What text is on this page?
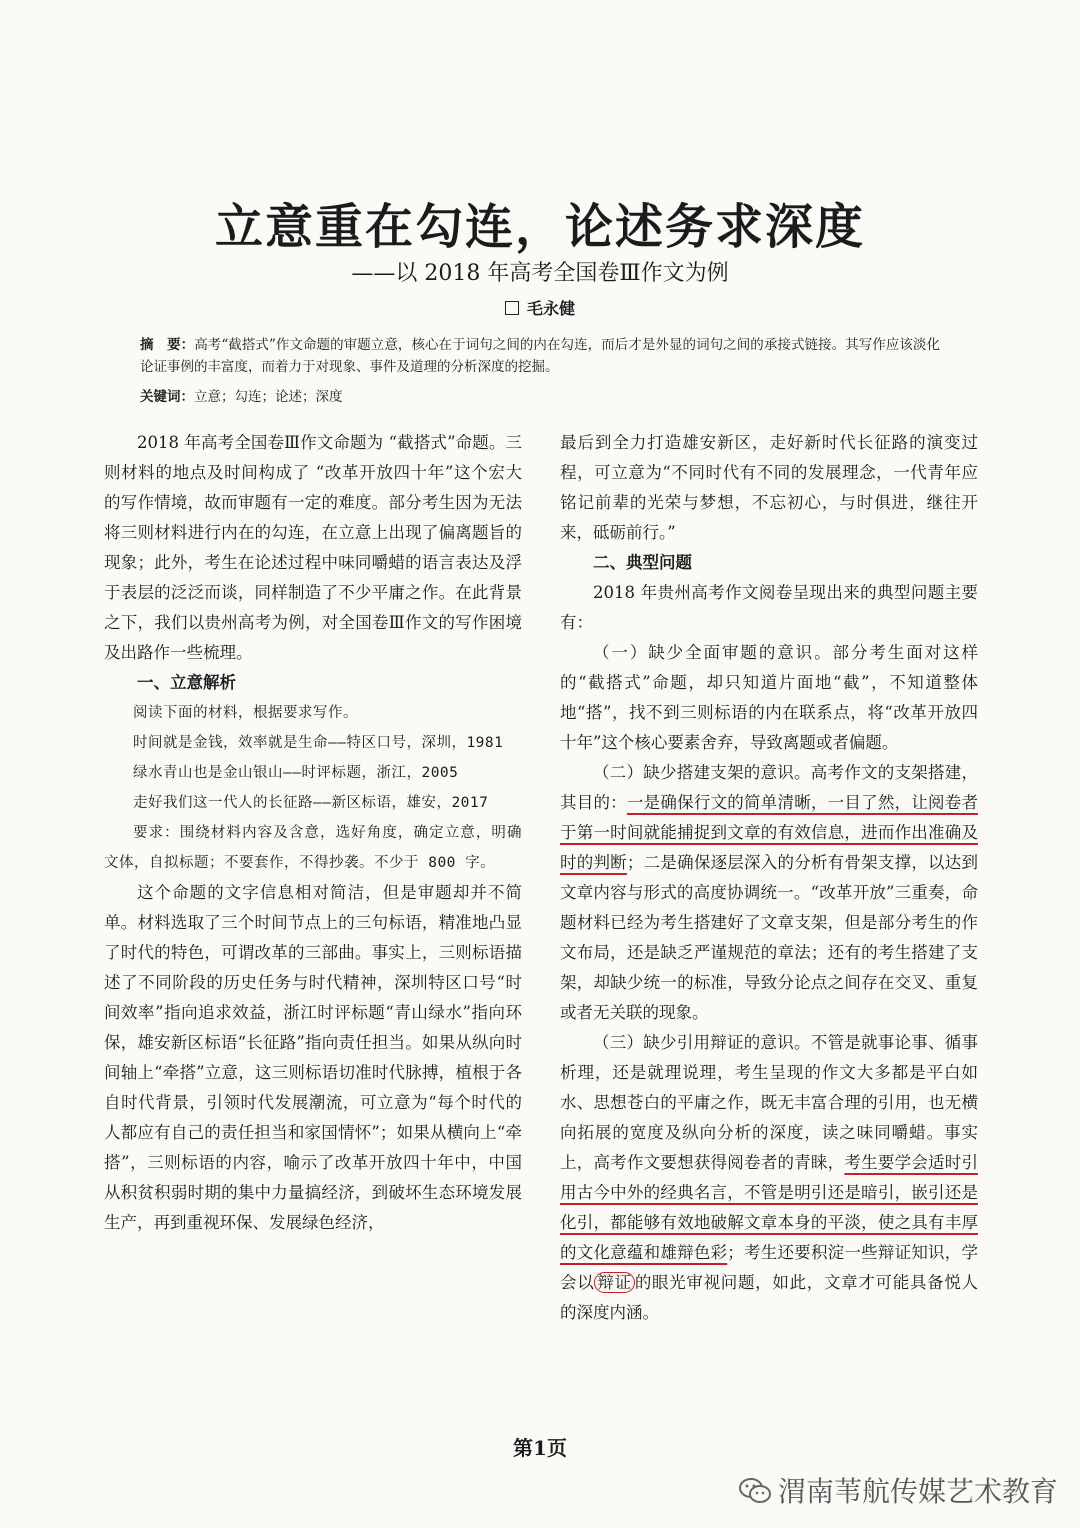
立意重在勾连，论述务求深度
——以 2018 年高考全国卷Ⅲ作文为例
毛永健
摘　要：高考“截搭式”作文命题的审题立意，核心在于词句之间的内在勾连，而后才是外显的词句之间的承接式链接。其写作应该淡化论证事例的丰富度，而着力于对现象、事件及道理的分析深度的挖掘。
关键词：立意；勾连；论述；深度

2018 年高考全国卷Ⅲ作文命题为 “截搭式”命题。三则材料的地点及时间构成了 “改革开放四十年”这个宏大的写作情境，故而审题有一定的难度。部分考生因为无法将三则材料进行内在的勾连，在立意上出现了偏离题旨的现象；此外，考生在论述过程中味同嚼蜡的语言表达及浮于表层的泛泛而谈，同样制造了不少平庸之作。在此背景之下，我们以贵州高考为例，对全国卷Ⅲ作文的写作困境及出路作一些梳理。

一、立意解析

阅读下面的材料，根据要求写作。

时间就是金钱，效率就是生命——特区口号，深圳，1981

绿水青山也是金山银山——时评标题，浙江，2005

走好我们这一代人的长征路——新区标语，雄安，2017

要求：围绕材料内容及含意，选好角度，确定立意，明确文体，自拟标题；不要套作，不得抄袭。不少于 800 字。

这个命题的文字信息相对简洁，但是审题却并不简单。材料选取了三个时间节点上的三句标语，精准地凸显了时代的特色，可谓改革的三部曲。事实上，三则标语描述了不同阶段的历史任务与时代精神，深圳特区口号“时间效率”指向追求效益，浙江时评标题“青山绿水”指向环保，雄安新区标语“长征路”指向责任担当。如果从纵向时间轴上“牵搭”立意，这三则标语切准时代脉搏，植根于各自时代背景，引领时代发展潮流，可立意为“每个时代的人都应有自己的责任担当和家国情怀”；如果从横向上“牵搭”，三则标语的内容，喻示了改革开放四十年中，中国从积贫积弱时期的集中力量搞经济，到破坏生态环境发展生产，再到重视环保、发展绿色经济，

最后到全力打造雄安新区，走好新时代长征路的演变过程，可立意为“不同时代有不同的发展理念，一代青年应铭记前辈的光荣与梦想，不忘初心，与时俱进，继往开来，砥砺前行。”

二、典型问题

2018 年贵州高考作文阅卷呈现出来的典型问题主要有：

（一）缺少全面审题的意识。部分考生面对这样的“截搭式”命题，却只知道片面地“截”，不知道整体地“搭”，找不到三则标语的内在联系点，将“改革开放四十年”这个核心要素舍弃，导致离题或者偏题。

（二）缺少搭建支架的意识。高考作文的支架搭建，其目的：一是确保行文的简单清晰，一目了然，让阅卷者于第一时间就能捕捉到文章的有效信息，进而作出准确及时的判断；二是确保逐层深入的分析有骨架支撑，以达到文章内容与形式的高度协调统一。“改革开放”三重奏，命题材料已经为考生搭建好了文章支架，但是部分考生的作文布局，还是缺乏严谨规范的章法；还有的考生搭建了支架，却缺少统一的标准，导致分论点之间存在交叉、重复或者无关联的现象。

（三）缺少引用辩证的意识。不管是就事论事、循事析理，还是就理说理，考生呈现的作文大多都是平白如水、思想苍白的平庸之作，既无丰富合理的引用，也无横向拓展的宽度及纵向分析的深度，读之味同嚼蜡。事实上，高考作文要想获得阅卷者的青睐，考生要学会适时引用古今中外的经典名言，不管是明引还是暗引，嵌引还是化引，都能够有效地破解文章本身的平淡，使之具有丰厚的文化意蕴和雄辩色彩；考生还要积淀一些辩证知识，学会以 辩证 的眼光审视问题，如此，文章才可能具备悦人的深度内涵。

第1页
渭南苇航传媒艺术教育
